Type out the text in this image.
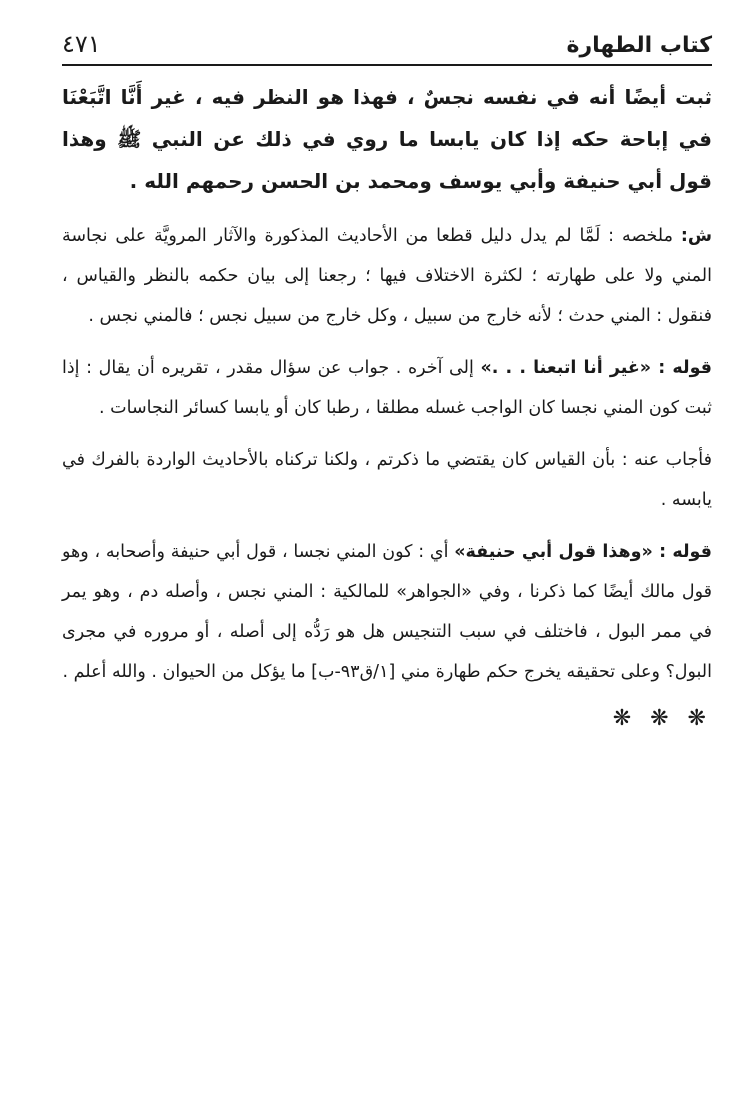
كتاب الطهارة
٤٧١

ثبت أيضًا أنه في نفسه نجسٌ ، فهذا هو النظر فيه ، غير أَنَّا اتَّبَعْنَا في إباحة حكه إذا كان يابسا ما روي في ذلك عن النبي ﷺ وهذا قول أبي حنيفة وأبي يوسف ومحمد بن الحسن رحمهم الله .

ش: ملخصه : لَمَّا لم يدل دليل قطعا من الأحاديث المذكورة والآثار المرويَّة على نجاسة المني ولا على طهارته ؛ لكثرة الاختلاف فيها ؛ رجعنا إلى بيان حكمه بالنظر والقياس ، فنقول : المني حدث ؛ لأنه خارج من سبيل ، وكل خارج من سبيل نجس ؛ فالمني نجس .

قوله : «غير أنا اتبعنا . . .» إلى آخره . جواب عن سؤال مقدر ، تقريره أن يقال : إذا ثبت كون المني نجسا كان الواجب غسله مطلقا ، رطبا كان أو يابسا كسائر النجاسات .

فأجاب عنه : بأن القياس كان يقتضي ما ذكرتم ، ولكنا تركناه بالأحاديث الواردة بالفرك في يابسه .

قوله : «وهذا قول أبي حنيفة» أي : كون المني نجسا ، قول أبي حنيفة وأصحابه ، وهو قول مالك أيضًا كما ذكرنا ، وفي «الجواهر» للمالكية : المني نجس ، وأصله دم ، وهو يمر في ممر البول ، فاختلف في سبب التنجيس هل هو رَدُّه إلى أصله ، أو مروره في مجرى البول؟ وعلى تحقيقه يخرج حكم طهارة مني [١/ق٩٣-ب] ما يؤكل من الحيوان . والله أعلم .

❋ ❋ ❋
